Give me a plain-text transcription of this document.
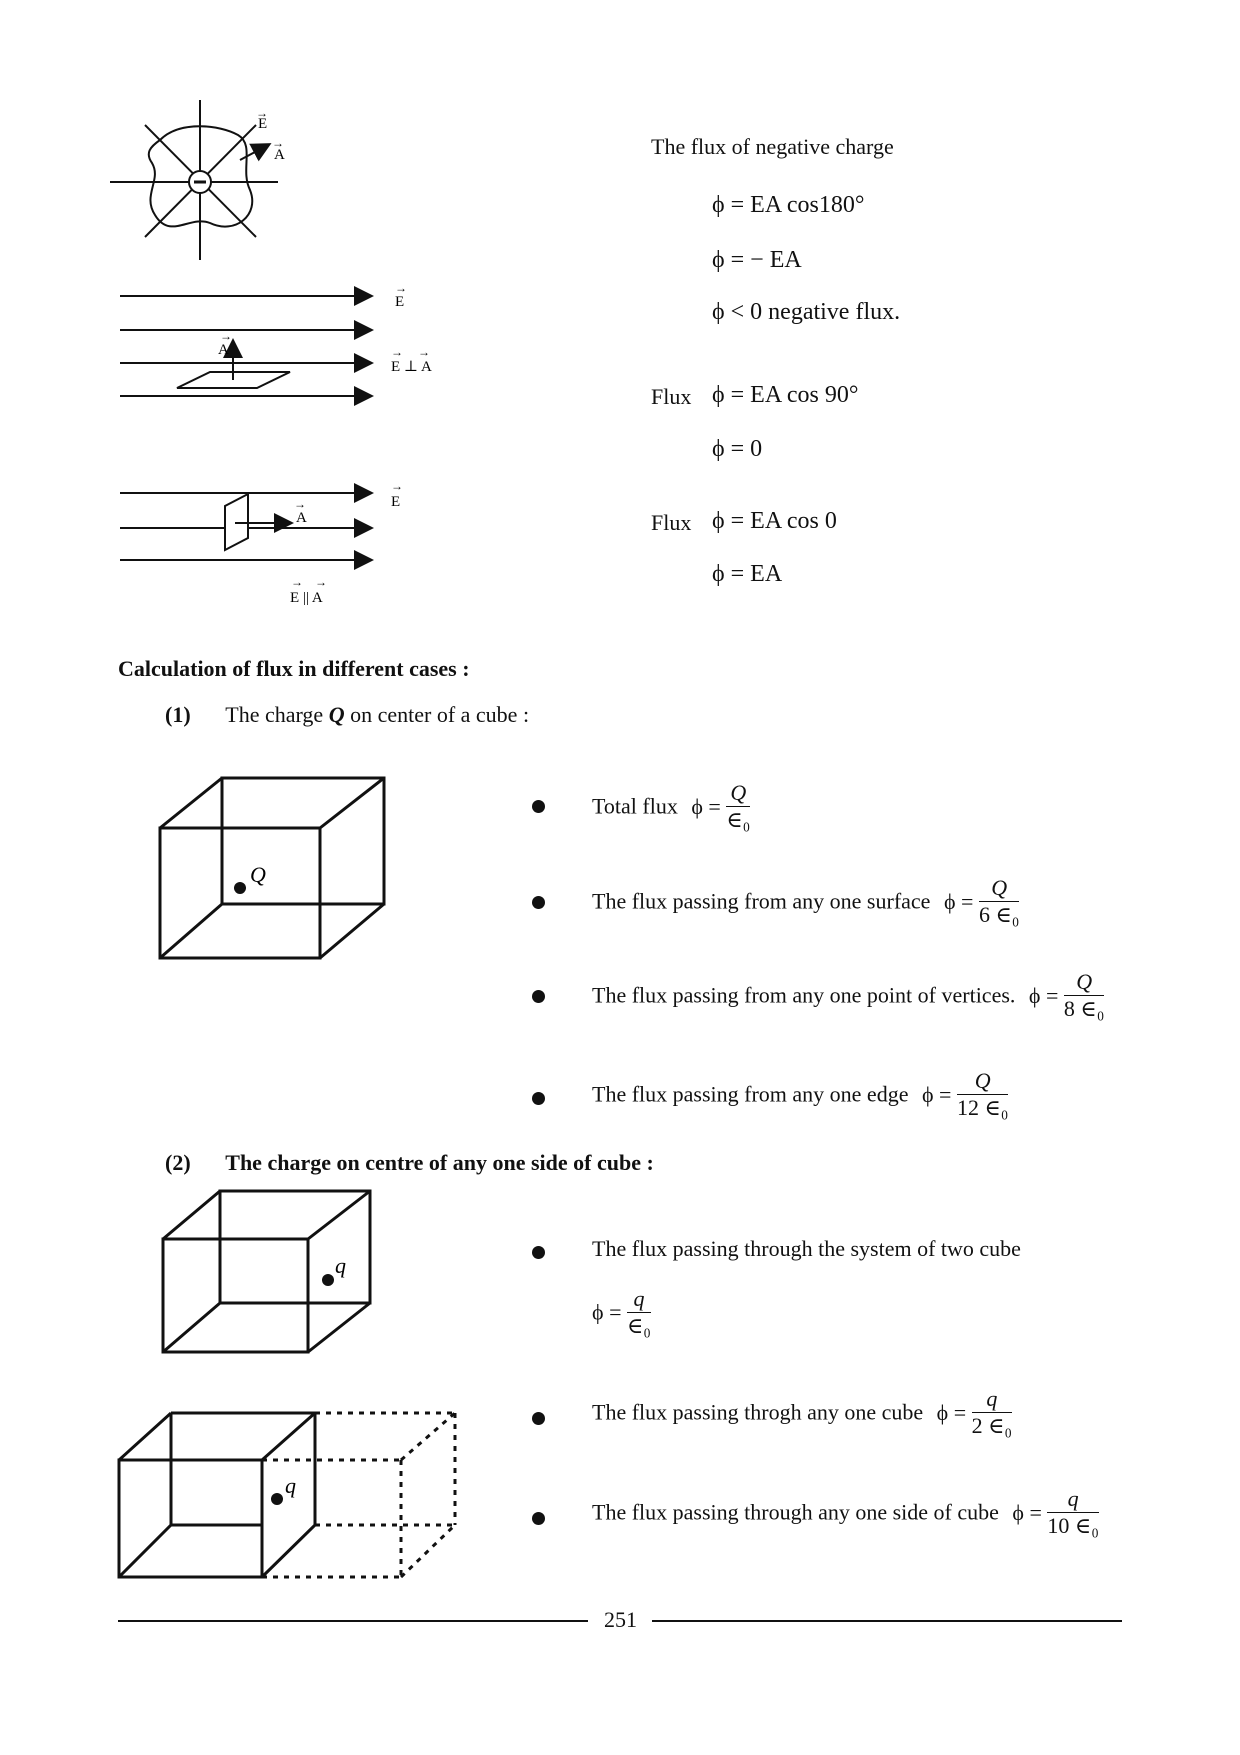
E
→
A
→
→
A
→
E
→     →
E ⊥ A
→
A
→
E
→    →
E || A
The flux of negative charge
ϕ = EA cos180°
ϕ = − EA
ϕ < 0 negative flux.
Flux ϕ = EA cos 90°
ϕ = 0
Flux ϕ = EA cos 0
ϕ = EA
Calculation of flux in different cases :
(1) The charge Q on center of a cube :
Q
Total flux $\phi = \frac{Q}{\text{∈₀}}$
The flux passing from any one surface $\phi = \frac{Q}{\text{6 ∈₀}}$
The flux passing from any one point of vertices. $\phi = \frac{Q}{\text{8 ∈₀}}$
The flux passing from any one edge $\phi = \frac{Q}{\text{12 ∈₀}}$
(2) The charge on centre of any one side of cube :
q
q
The flux passing through the system of two cube
$\phi = \frac{q}{\text{∈₀}}$
The flux passing throgh any one cube $\phi = \frac{q}{\text{2 ∈₀}}$
The flux passing through any one side of cube $\phi = \frac{q}{\text{10 ∈₀}}$
251
